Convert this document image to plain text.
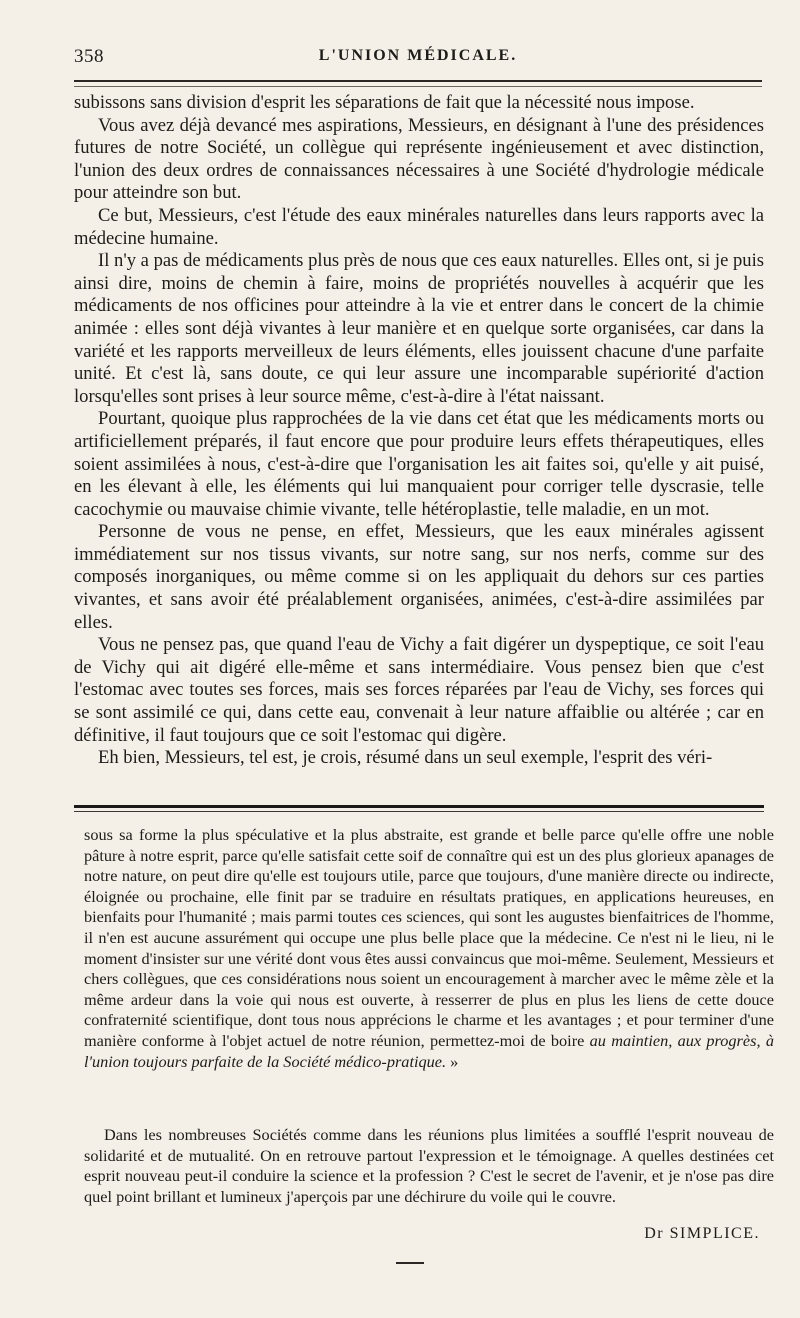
358	L'UNION MÉDICALE.

subissons sans division d'esprit les séparations de fait que la nécessité nous impose.

Vous avez déjà devancé mes aspirations, Messieurs, en désignant à l'une des présidences futures de notre Société, un collègue qui représente ingénieusement et avec distinction, l'union des deux ordres de connaissances nécessaires à une Société d'hydrologie médicale pour atteindre son but.

Ce but, Messieurs, c'est l'étude des eaux minérales naturelles dans leurs rapports avec la médecine humaine.

Il n'y a pas de médicaments plus près de nous que ces eaux naturelles. Elles ont, si je puis ainsi dire, moins de chemin à faire, moins de propriétés nouvelles à acquérir que les médicaments de nos officines pour atteindre à la vie et entrer dans le concert de la chimie animée : elles sont déjà vivantes à leur manière et en quelque sorte organisées, car dans la variété et les rapports merveilleux de leurs éléments, elles jouissent chacune d'une parfaite unité. Et c'est là, sans doute, ce qui leur assure une incomparable supériorité d'action lorsqu'elles sont prises à leur source même, c'est-à-dire à l'état naissant.

Pourtant, quoique plus rapprochées de la vie dans cet état que les médicaments morts ou artificiellement préparés, il faut encore que pour produire leurs effets thérapeutiques, elles soient assimilées à nous, c'est-à-dire que l'organisation les ait faites soi, qu'elle y ait puisé, en les élevant à elle, les éléments qui lui manquaient pour corriger telle dyscrasie, telle cacochymie ou mauvaise chimie vivante, telle hétéroplastie, telle maladie, en un mot.

Personne de vous ne pense, en effet, Messieurs, que les eaux minérales agissent immédiatement sur nos tissus vivants, sur notre sang, sur nos nerfs, comme sur des composés inorganiques, ou même comme si on les appliquait du dehors sur ces parties vivantes, et sans avoir été préalablement organisées, animées, c'est-à-dire assimilées par elles.

Vous ne pensez pas, que quand l'eau de Vichy a fait digérer un dyspeptique, ce soit l'eau de Vichy qui ait digéré elle-même et sans intermédiaire. Vous pensez bien que c'est l'estomac avec toutes ses forces, mais ses forces réparées par l'eau de Vichy, ses forces qui se sont assimilé ce qui, dans cette eau, convenait à leur nature affaiblie ou altérée ; car en définitive, il faut toujours que ce soit l'estomac qui digère.

Eh bien, Messieurs, tel est, je crois, résumé dans un seul exemple, l'esprit des véri-

sous sa forme la plus spéculative et la plus abstraite, est grande et belle parce qu'elle offre une noble pâture à notre esprit, parce qu'elle satisfait cette soif de connaître qui est un des plus glorieux apanages de notre nature, on peut dire qu'elle est toujours utile, parce que toujours, d'une manière directe ou indirecte, éloignée ou prochaine, elle finit par se traduire en résultats pratiques, en applications heureuses, en bienfaits pour l'humanité ; mais parmi toutes ces sciences, qui sont les augustes bienfaitrices de l'homme, il n'en est aucune assurément qui occupe une plus belle place que la médecine. Ce n'est ni le lieu, ni le moment d'insister sur une vérité dont vous êtes aussi convaincus que moi-même. Seulement, Messieurs et chers collègues, que ces considérations nous soient un encouragement à marcher avec le même zèle et la même ardeur dans la voie qui nous est ouverte, à resserrer de plus en plus les liens de cette douce confraternité scientifique, dont tous nous apprécions le charme et les avantages ; et pour terminer d'une manière conforme à l'objet actuel de notre réunion, permettez-moi de boire au maintien, aux progrès, à l'union toujours parfaite de la Société médico-pratique. »

Dans les nombreuses Sociétés comme dans les réunions plus limitées a soufflé l'esprit nouveau de solidarité et de mutualité. On en retrouve partout l'expression et le témoignage. A quelles destinées cet esprit nouveau peut-il conduire la science et la profession ? C'est le secret de l'avenir, et je n'ose pas dire quel point brillant et lumineux j'aperçois par une déchirure du voile qui le couvre.

Dr SIMPLICE.
